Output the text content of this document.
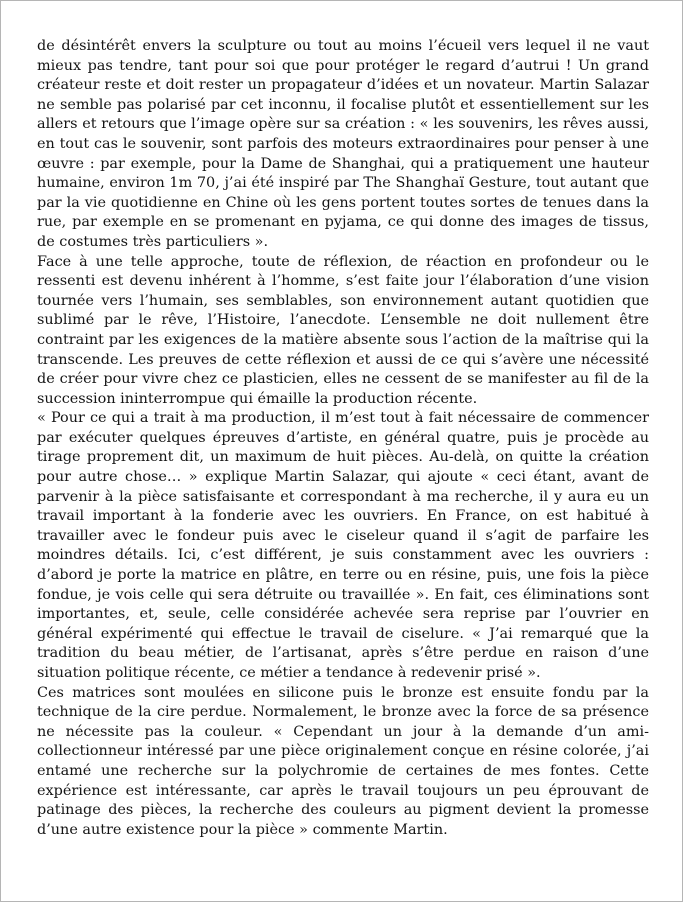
de désintérêt envers la sculpture ou tout au moins l’écueil vers lequel il ne vaut mieux pas tendre, tant pour soi que pour protéger le regard d’autrui ! Un grand créateur reste et doit rester un propagateur d’idées et un novateur. Martin Salazar ne semble pas polarisé par cet inconnu, il focalise plutôt et essentiellement sur les allers et retours que l’image opère sur sa création : « les souvenirs, les rêves aussi, en tout cas le souvenir, sont parfois des moteurs extraordinaires pour penser à une œuvre : par exemple, pour la Dame de Shanghai, qui a pratiquement une hauteur humaine, environ 1m 70, j’ai été inspiré par The Shanghaï Gesture, tout autant que par la vie quotidienne en Chine où les gens portent toutes sortes de tenues dans la rue, par exemple en se promenant en pyjama, ce qui donne des images de tissus, de costumes très particuliers ».

Face à une telle approche, toute de réflexion, de réaction en profondeur ou le ressenti est devenu inhérent à l’homme, s’est faite jour l’élaboration d’une vision tournée vers l’humain, ses semblables, son environnement autant quotidien que sublimé par le rêve, l’Histoire, l’anecdote. L’ensemble ne doit nullement être contraint par les exigences de la matière absente sous l’action de la maîtrise qui la transcende. Les preuves de cette réflexion et aussi de ce qui s’avère une nécessité de créer pour vivre chez ce plasticien, elles ne cessent de se manifester au fil de la succession ininterrompue qui émaille la production récente.

« Pour ce qui a trait à ma production, il m’est tout à fait nécessaire de commencer par exécuter quelques épreuves d’artiste, en général quatre, puis je procède au tirage proprement dit, un maximum de huit pièces. Au-delà, on quitte la création pour autre chose… » explique Martin Salazar, qui ajoute « ceci étant, avant de parvenir à la pièce satisfaisante et correspondant à ma recherche, il y aura eu un travail important à la fonderie avec les ouvriers. En France, on est habitué à travailler avec le fondeur puis avec le ciseleur quand il s’agit de parfaire les moindres détails. Ici, c’est différent, je suis constamment avec les ouvriers : d’abord je porte la matrice en plâtre, en terre ou en résine, puis, une fois la pièce fondue, je vois celle qui sera détruite ou travaillée ». En fait, ces éliminations sont importantes, et, seule, celle considérée achevée sera reprise par l’ouvrier en général expérimenté qui effectue le travail de ciselure. « J’ai remarqué que la tradition du beau métier, de l’artisanat, après s’être perdue en raison d’une situation politique récente, ce métier a tendance à redevenir prisé ».

Ces matrices sont moulées en silicone puis le bronze est ensuite fondu par la technique de la cire perdue. Normalement, le bronze avec la force de sa présence ne nécessite pas la couleur. « Cependant un jour à la demande d’un ami-collectionneur intéressé par une pièce originalement conçue en résine colorée, j’ai entamé une recherche sur la polychromie de certaines de mes fontes. Cette expérience est intéressante, car après le travail toujours un peu éprouvant de patinage des pièces, la recherche des couleurs au pigment devient la promesse d’une autre existence pour la pièce » commente Martin.
